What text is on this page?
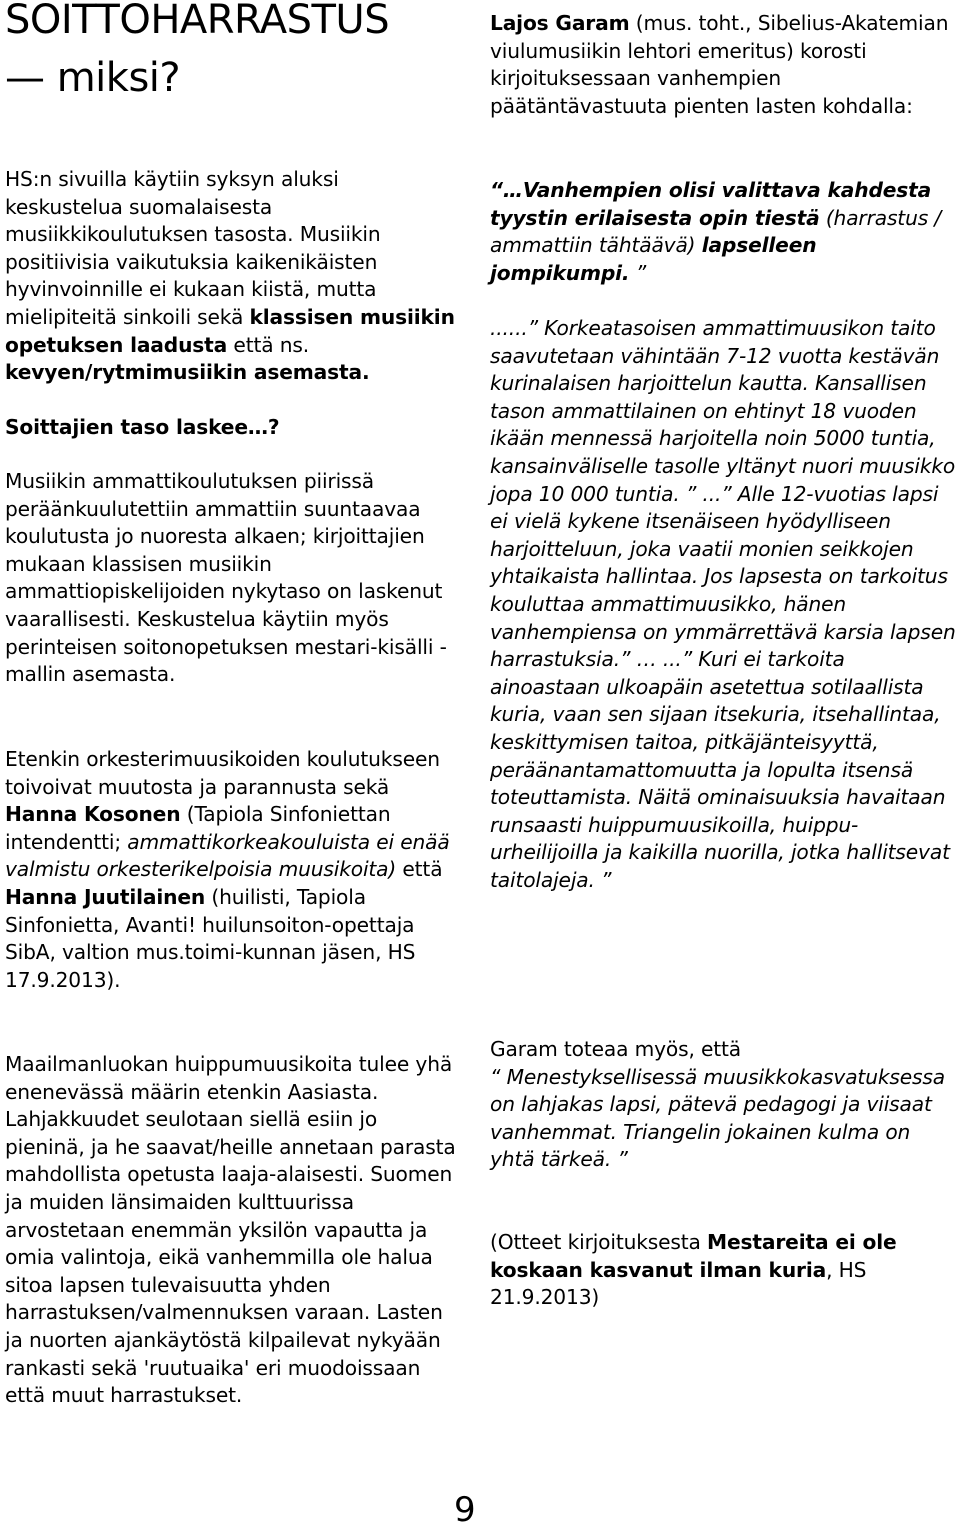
SOITTOHARRASTUS
— miksi?

HS:n sivuilla käytiin syksyn aluksi keskustelua suomalaisesta musiikkikoulutuksen tasosta. Musiikin positiivisia vaikutuksia kaikenikäisten hyvinvoinnille ei kukaan kiistä, mutta mielipiteitä sinkoili sekä klassisen musiikin opetuksen laadusta että ns. kevyen/rytmimusiikin asemasta.

Soittajien taso laskee…?

Musiikin ammattikoulutuksen piirissä peräänkuulutettiin ammattiin suuntaavaa koulutusta jo nuoresta alkaen; kirjoittajien mukaan klassisen musiikin ammattiopiskelijoiden nykytaso on laskenut vaarallisesti. Keskustelua käytiin myös perinteisen soitonopetuksen mestari-kisälli -mallin asemasta.

Etenkin orkesterimuusikoiden koulutukseen toivoivat muutosta ja parannusta sekä Hanna Kosonen (Tapiola Sinfoniettan intendentti; ammattikorkeakouluista ei enää valmistu orkesterikelpoisia muusikoita) että Hanna Juutilainen (huilisti, Tapiola Sinfonietta, Avanti! huilunsoiton-opettaja SibA, valtion mus.toimi-kunnan jäsen, HS 17.9.2013).

Maailmanluokan huippumuusikoita tulee yhä enenevässä määrin etenkin Aasiasta. Lahjakkuudet seulotaan siellä esiin jo pieninä, ja he saavat/heille annetaan parasta mahdollista opetusta laaja-alaisesti. Suomen ja muiden länsimaiden kulttuurissa arvostetaan enemmän yksilön vapautta ja omia valintoja, eikä vanhemmilla ole halua sitoa lapsen tulevaisuutta yhden harrastuksen/valmennuksen varaan. Lasten ja nuorten ajankäytöstä kilpailevat nykyään rankasti sekä 'ruutuaika' eri muodoissaan että muut harrastukset.

Lajos Garam (mus. toht., Sibelius-Akatemian viulumusiikin lehtori emeritus) korosti kirjoituksessaan vanhempien päätäntävastuuta pienten lasten kohdalla:

“…Vanhempien olisi valittava kahdesta tyystin erilaisesta opin tiestä (harrastus / ammattiin tähtäävä) lapselleen jompikumpi. ”

......” Korkeatasoisen ammattimuusikon taito saavutetaan vähintään 7-12 vuotta kestävän kurinalaisen harjoittelun kautta. Kansallisen tason ammattilainen on ehtinyt 18 vuoden ikään mennessä harjoitella noin 5000 tuntia, kansainväliselle tasolle yltänyt nuori muusikko jopa 10 000 tuntia. ” ...” Alle 12-vuotias lapsi ei vielä kykene itsenäiseen hyödylliseen harjoitteluun, joka vaatii monien seikkojen yhtaikaista hallintaa. Jos lapsesta on tarkoitus kouluttaa ammattimuusikko, hänen vanhempiensa on ymmärrettävä karsia lapsen harrastuksia.” … ...” Kuri ei tarkoita ainoastaan ulkoapäin asetettua sotilaallista kuria, vaan sen sijaan itsekuria, itsehallintaa, keskittymisen taitoa, pitkäjänteisyyttä, peräänantamattomuutta ja lopulta itsensä toteuttamista. Näitä ominaisuuksia havaitaan runsaasti huippumuusikoilla, huippu-urheilijoilla ja kaikilla nuorilla, jotka hallitsevat taitolajeja. ”

Garam toteaa myös, että

“ Menestyksellisessä muusikkokasvatuksessa on lahjakas lapsi, pätevä pedagogi ja viisaat vanhemmat. Triangelin jokainen kulma on yhtä tärkeä. ”

(Otteet kirjoituksesta Mestareita ei ole koskaan kasvanut ilman kuria, HS 21.9.2013)

9
